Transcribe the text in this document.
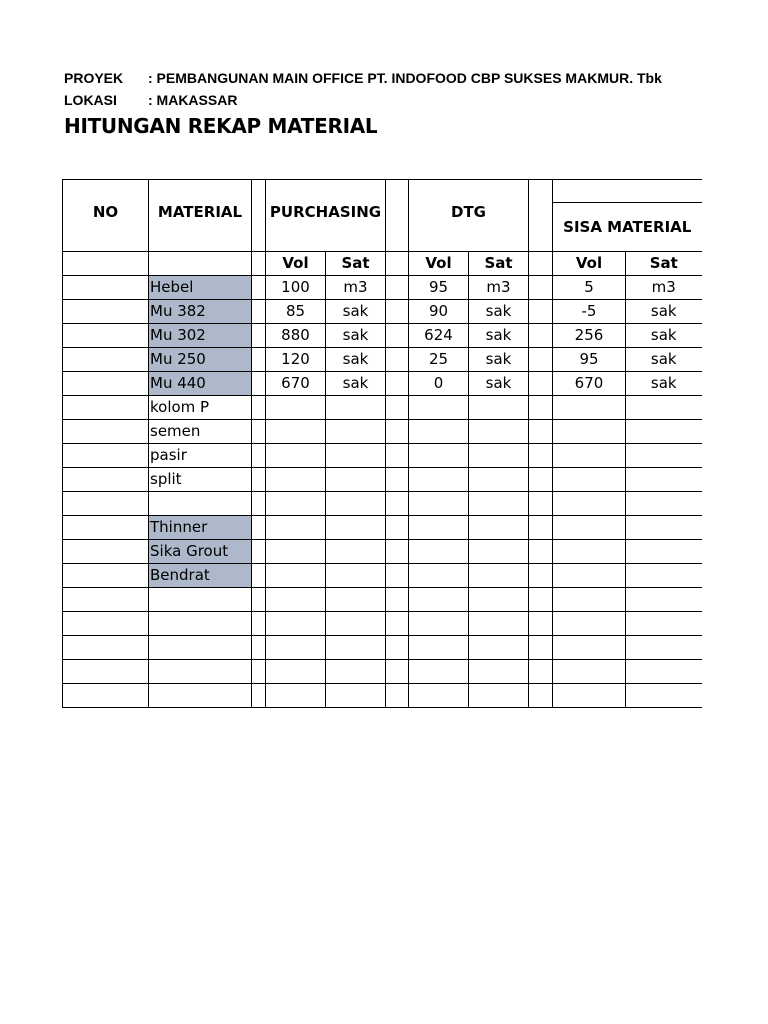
PROYEK : PEMBANGUNAN MAIN OFFICE PT. INDOFOOD CBP SUKSES MAKMUR. Tbk
LOKASI : MAKASSAR
HITUNGAN REKAP MATERIAL
NO	MATERIAL		PURCHASING			DTG				
									SISA MATERIAL	
			Vol	Sat		Vol	Sat		Vol	Sat
	Hebel		100	m3		95	m3		5	m3
	Mu 382		85	sak		90	sak		-5	sak
	Mu 302		880	sak		624	sak		256	sak
	Mu 250		120	sak		25	sak		95	sak
	Mu 440		670	sak		0	sak		670	sak
	kolom P									
	semen									
	pasir									
	split									

	Thinner									
	Sika Grout									
	Bendrat									
